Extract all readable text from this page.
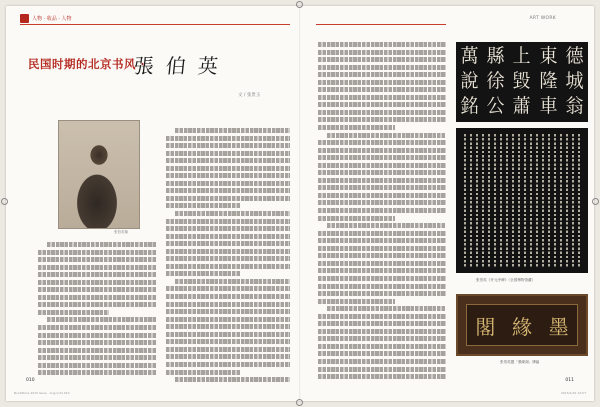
人物 · 收品 · 人物	ART WORK
民国时期的北京书风 ·
張伯英
文 / 张贵玉
张伯英像
萬 縣 上 東 德
說 徐 毀 隆 城
銘 公 蕭 車 翁
张伯英《开元寺碑》（全国博物馆藏）
閣 緣 墨
张伯英题「墨缘阁」牌匾
010	011
BookStore 2015 Issue · Ang.indd 010	2015/1/22 14:57
